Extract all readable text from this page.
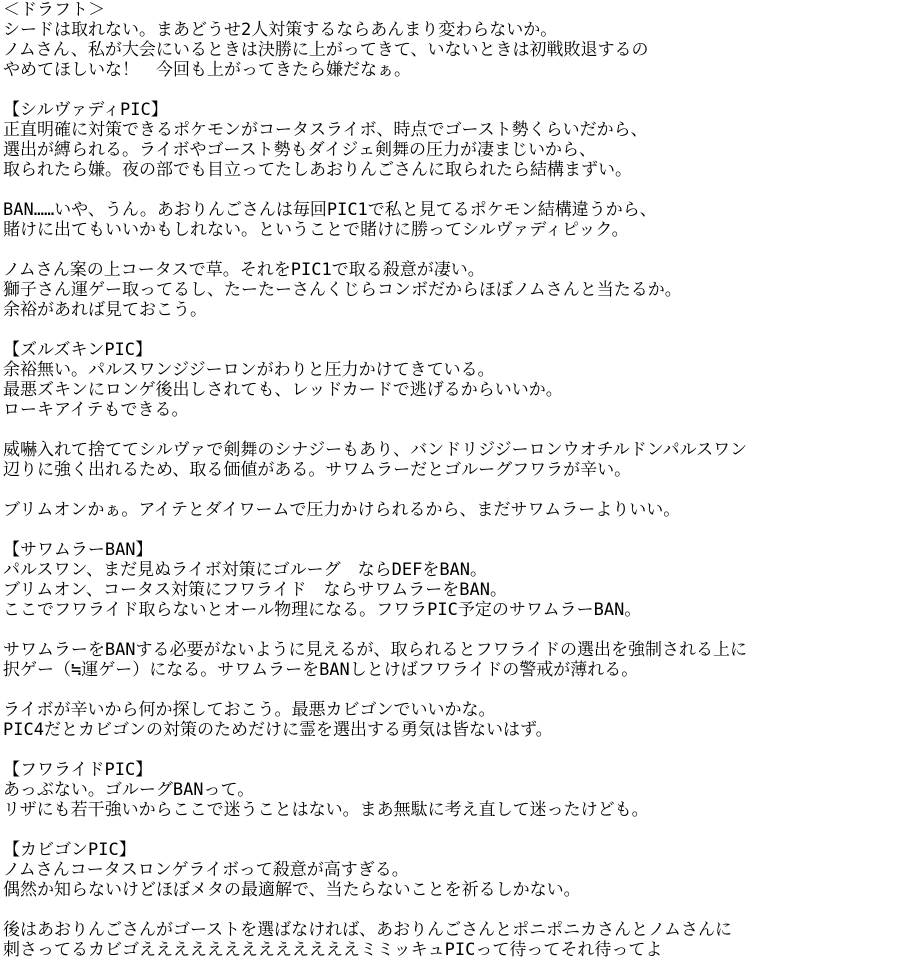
＜ドラフト＞
シードは取れない。まあどうせ2人対策するならあんまり変わらないか。
ノムさん、私が大会にいるときは決勝に上がってきて、いないときは初戦敗退するの
やめてほしいな！　今回も上がってきたら嫌だなぁ。
【シルヴァディPIC】
正直明確に対策できるポケモンがコータスライボ、時点でゴースト勢くらいだから、
選出が縛られる。ライボやゴースト勢もダイジェ剣舞の圧力が凄まじいから、
取られたら嫌。夜の部でも目立ってたしあおりんごさんに取られたら結構まずい。
BAN……いや、うん。あおりんごさんは毎回PIC1で私と見てるポケモン結構違うから、
賭けに出てもいいかもしれない。ということで賭けに勝ってシルヴァディピック。
ノムさん案の上コータスで草。それをPIC1で取る殺意が凄い。
獅子さん運ゲー取ってるし、たーたーさんくじらコンボだからほぼノムさんと当たるか。
余裕があれば見ておこう。
【ズルズキンPIC】
余裕無い。パルスワンジジーロンがわりと圧力かけてきている。
最悪ズキンにロンゲ後出しされても、レッドカードで逃げるからいいか。
ローキアイテもできる。
威嚇入れて捨ててシルヴァで剣舞のシナジーもあり、バンドリジジーロンウオチルドンパルスワン
辺りに強く出れるため、取る価値がある。サワムラーだとゴルーグフワラが辛い。
ブリムオンかぁ。アイテとダイワームで圧力かけられるから、まだサワムラーよりいい。
【サワムラーBAN】
パルスワン、まだ見ぬライボ対策にゴルーグ　ならDEFをBAN。
ブリムオン、コータス対策にフワライド　ならサワムラーをBAN。
ここでフワライド取らないとオール物理になる。フワラPIC予定のサワムラーBAN。
サワムラーをBANする必要がないように見えるが、取られるとフワライドの選出を強制される上に
択ゲー（≒運ゲー）になる。サワムラーをBANしとけばフワライドの警戒が薄れる。
ライボが辛いから何か探しておこう。最悪カビゴンでいいかな。
PIC4だとカビゴンの対策のためだけに霊を選出する勇気は皆ないはず。
【フワライドPIC】
あっぶない。ゴルーグBANって。
リザにも若干強いからここで迷うことはない。まあ無駄に考え直して迷ったけども。
【カビゴンPIC】
ノムさんコータスロンゲライボって殺意が高すぎる。
偶然か知らないけどほぼメタの最適解で、当たらないことを祈るしかない。
後はあおりんごさんがゴーストを選ばなければ、あおりんごさんとポニポニカさんとノムさんに
刺さってるカビゴえええええええええええええミミッキュPICって待ってそれ待ってよ
